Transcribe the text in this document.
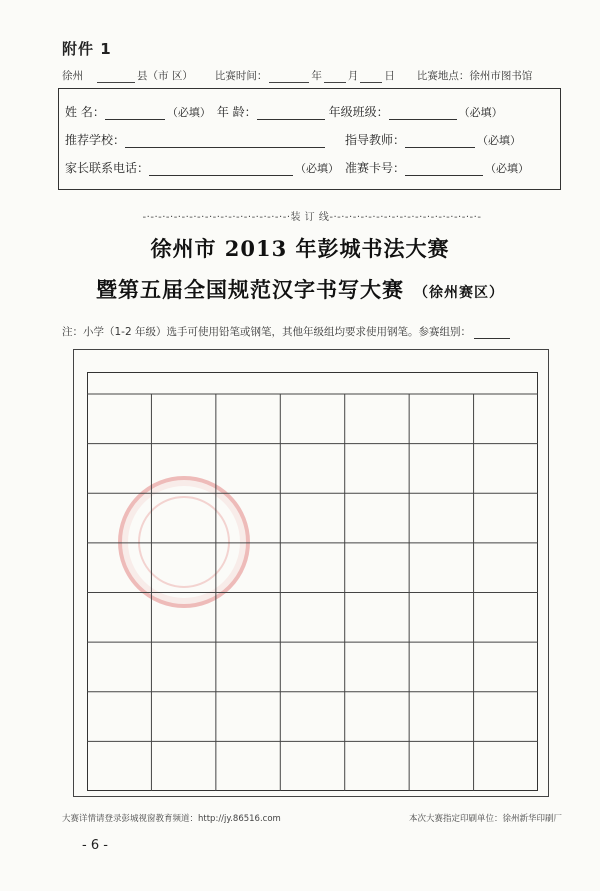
附件 1
徐州	县（市 区） 比赛时间：	年 月 日 比赛地点：徐州市图书馆
姓 名：	（必填） 年 龄：	年级班级：	（必填）
推荐学校：	指导教师：	（必填）
家长联系电话：	（必填） 准赛卡号：	（必填）
-·-·-·-·-·-·-·-·-·-·-·-·-·-·-·-·-·-·-·装 订 线-·-·-·-·-·-·-·-·-·-·-·-·-·-·-·-·-·-·-·-
徐州市 2013 年彭城书法大赛
暨第五届全国规范汉字书写大赛 （徐州赛区）
注：小学（1-2 年级）选手可使用铅笔或钢笔，其他年级组均要求使用钢笔。参赛组别：
大赛详情请登录彭城视窗教育频道：http://jy.86516.com	本次大赛指定印刷单位：徐州新华印刷厂
- 6 -
